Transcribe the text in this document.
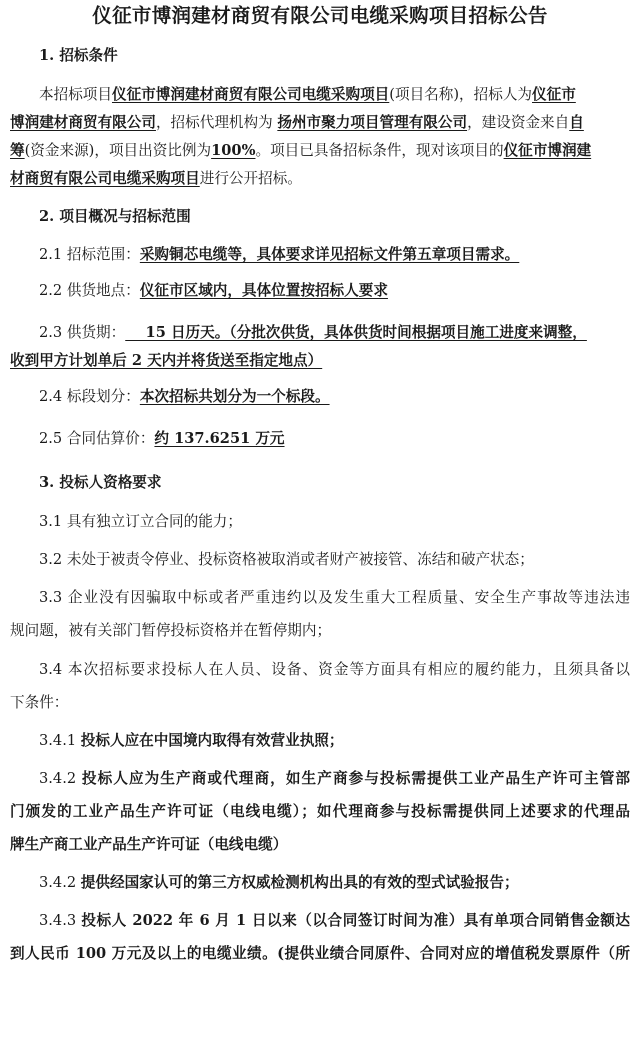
仪征市博润建材商贸有限公司电缆采购项目招标公告

1. 招标条件

本招标项目仪征市博润建材商贸有限公司电缆采购项目(项目名称)，招标人为仪征市
博润建材商贸有限公司，招标代理机构为 扬州市聚力项目管理有限公司，建设资金来自自
筹(资金来源)，项目出资比例为100%。项目已具备招标条件，现对该项目的仪征市博润建
材商贸有限公司电缆采购项目进行公开招标。

2. 项目概况与招标范围

2.1 招标范围：采购铜芯电缆等，具体要求详见招标文件第五章项目需求。

2.2 供货地点：仪征市区域内，具体位置按招标人要求

2.3 供货期：    15 日历天。（分批次供货，具体供货时间根据项目施工进度来调整，

收到甲方计划单后 2 天内并将货送至指定地点）

2.4 标段划分：本次招标共划分为一个标段。

2.5 合同估算价：约 137.6251 万元

3. 投标人资格要求

3.1 具有独立订立合同的能力；

3.2 未处于被责令停业、投标资格被取消或者财产被接管、冻结和破产状态；

3.3 企业没有因骗取中标或者严重违约以及发生重大工程质量、安全生产事故等违法违

规问题，被有关部门暂停投标资格并在暂停期内；

3.4 本次招标要求投标人在人员、设备、资金等方面具有相应的履约能力，且须具备以

下条件：

3.4.1 投标人应在中国境内取得有效营业执照；

3.4.2 投标人应为生产商或代理商，如生产商参与投标需提供工业产品生产许可主管部

门颁发的工业产品生产许可证（电线电缆）；如代理商参与投标需提供同上述要求的代理品

牌生产商工业产品生产许可证（电线电缆）

3.4.2 提供经国家认可的第三方权威检测机构出具的有效的型式试验报告；

3.4.3 投标人 2022 年 6 月 1 日以来（以合同签订时间为准）具有单项合同销售金额达

到人民币 100 万元及以上的电缆业绩。(提供业绩合同原件、合同对应的增值税发票原件（所
